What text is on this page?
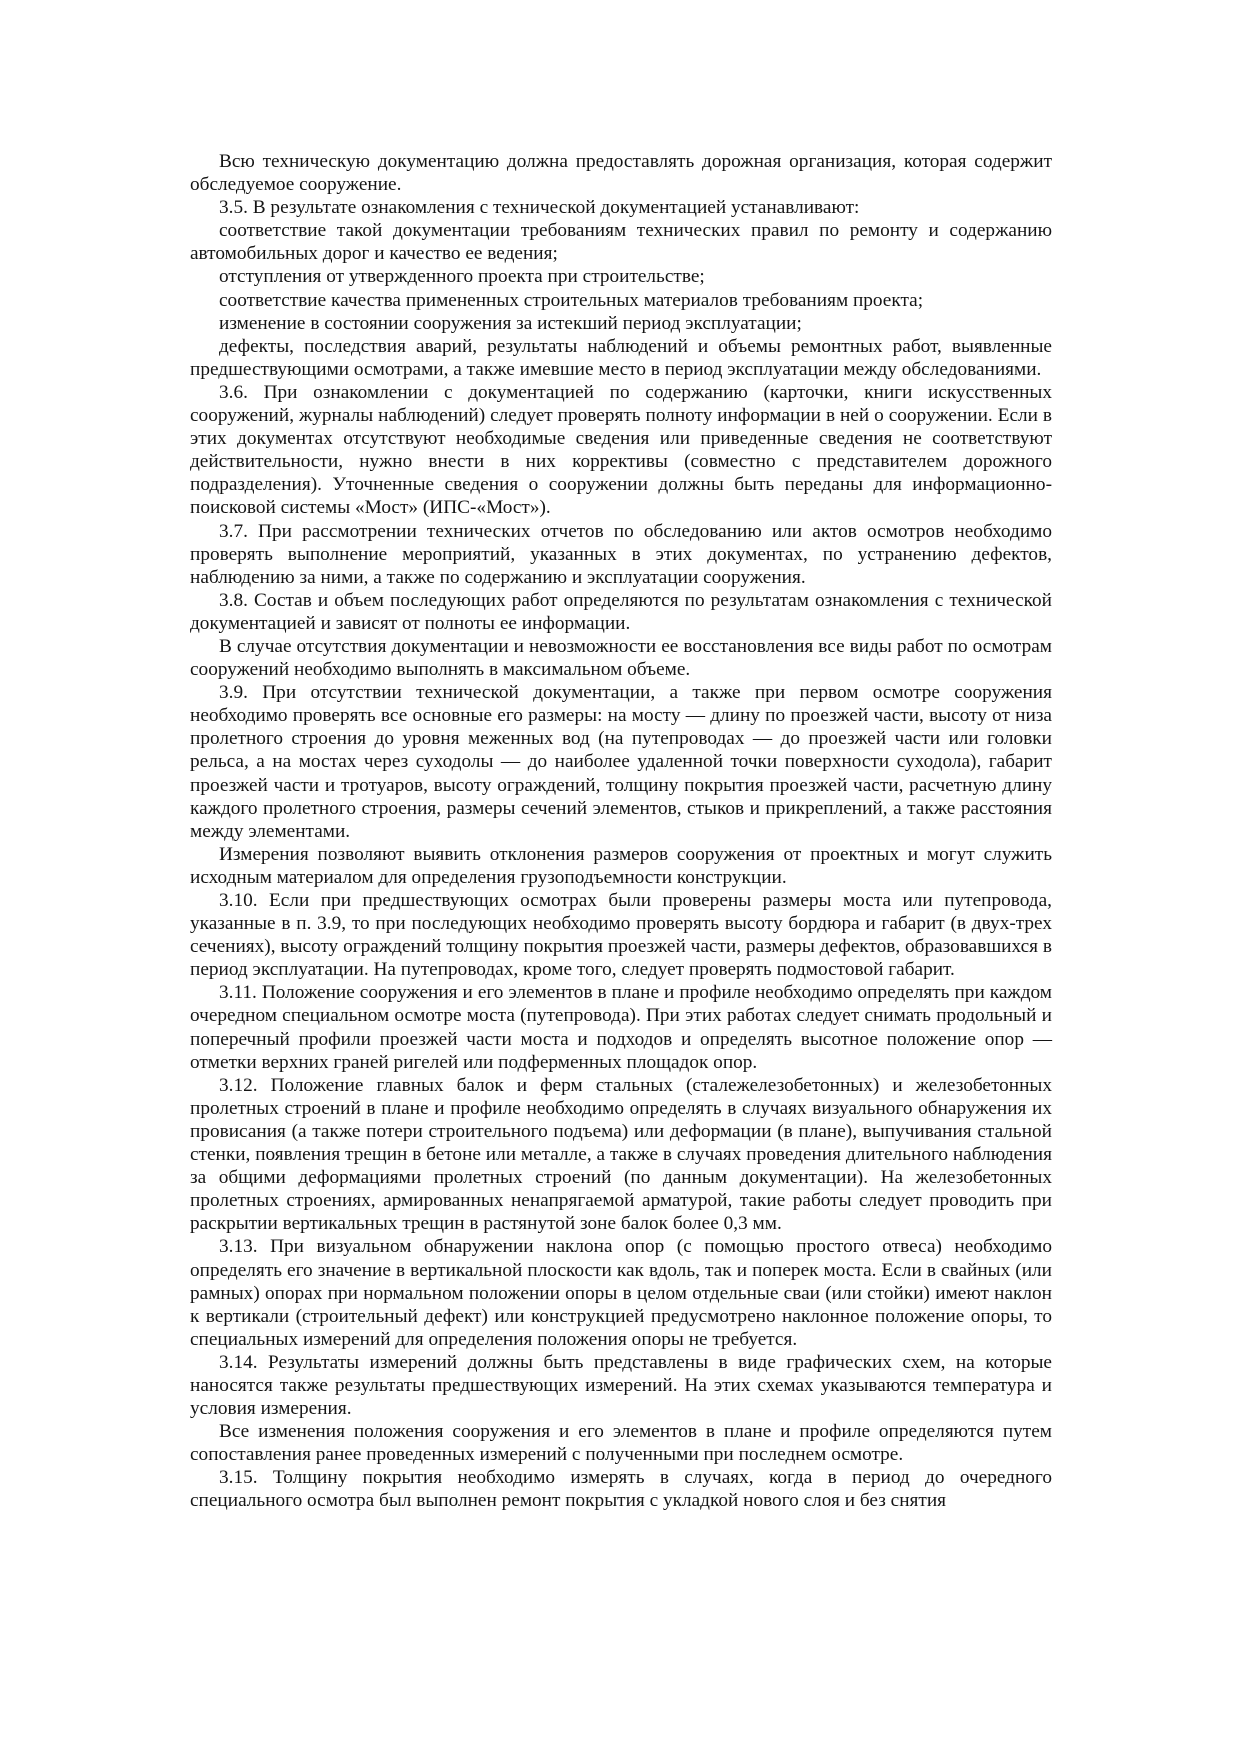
Всю техническую документацию должна предоставлять дорожная организация, которая содержит обследуемое сооружение.

3.5. В результате ознакомления с технической документацией устанавливают:

соответствие такой документации требованиям технических правил по ремонту и содержанию автомобильных дорог и качество ее ведения;

отступления от утвержденного проекта при строительстве;

соответствие качества примененных строительных материалов требованиям проекта;

изменение в состоянии сооружения за истекший период эксплуатации;

дефекты, последствия аварий, результаты наблюдений и объемы ремонтных работ, выявленные предшествующими осмотрами, а также имевшие место в период эксплуатации между обследованиями.

3.6. При ознакомлении с документацией по содержанию (карточки, книги искусственных сооружений, журналы наблюдений) следует проверять полноту информации в ней о сооружении. Если в этих документах отсутствуют необходимые сведения или приведенные сведения не соответствуют действительности, нужно внести в них коррективы (совместно с представителем дорожного подразделения). Уточненные сведения о сооружении должны быть переданы для информационно-поисковой системы «Мост» (ИПС-«Мост»).

3.7. При рассмотрении технических отчетов по обследованию или актов осмотров необходимо проверять выполнение мероприятий, указанных в этих документах, по устранению дефектов, наблюдению за ними, а также по содержанию и эксплуатации сооружения.

3.8. Состав и объем последующих работ определяются по результатам ознакомления с технической документацией и зависят от полноты ее информации.

В случае отсутствия документации и невозможности ее восстановления все виды работ по осмотрам сооружений необходимо выполнять в максимальном объеме.

3.9. При отсутствии технической документации, а также при первом осмотре сооружения необходимо проверять все основные его размеры: на мосту — длину по проезжей части, высоту от низа пролетного строения до уровня меженных вод (на путепроводах — до проезжей части или головки рельса, а на мостах через суходолы — до наиболее удаленной точки поверхности суходола), габарит проезжей части и тротуаров, высоту ограждений, толщину покрытия проезжей части, расчетную длину каждого пролетного строения, размеры сечений элементов, стыков и прикреплений, а также расстояния между элементами.

Измерения позволяют выявить отклонения размеров сооружения от проектных и могут служить исходным материалом для определения грузоподъемности конструкции.

3.10. Если при предшествующих осмотрах были проверены размеры моста или путепровода, указанные в п. 3.9, то при последующих необходимо проверять высоту бордюра и габарит (в двух-трех сечениях), высоту ограждений толщину покрытия проезжей части, размеры дефектов, образовавшихся в период эксплуатации. На путепроводах, кроме того, следует проверять подмостовой габарит.

3.11. Положение сооружения и его элементов в плане и профиле необходимо определять при каждом очередном специальном осмотре моста (путепровода). При этих работах следует снимать продольный и поперечный профили проезжей части моста и подходов и определять высотное положение опор — отметки верхних граней ригелей или подферменных площадок опор.

3.12. Положение главных балок и ферм стальных (сталежелезобетонных) и железобетонных пролетных строений в плане и профиле необходимо определять в случаях визуального обнаружения их провисания (а также потери строительного подъема) или деформации (в плане), выпучивания стальной стенки, появления трещин в бетоне или металле, а также в случаях проведения длительного наблюдения за общими деформациями пролетных строений (по данным документации). На железобетонных пролетных строениях, армированных ненапрягаемой арматурой, такие работы следует проводить при раскрытии вертикальных трещин в растянутой зоне балок более 0,3 мм.

3.13. При визуальном обнаружении наклона опор (с помощью простого отвеса) необходимо определять его значение в вертикальной плоскости как вдоль, так и поперек моста. Если в свайных (или рамных) опорах при нормальном положении опоры в целом отдельные сваи (или стойки) имеют наклон к вертикали (строительный дефект) или конструкцией предусмотрено наклонное положение опоры, то специальных измерений для определения положения опоры не требуется.

3.14. Результаты измерений должны быть представлены в виде графических схем, на которые наносятся также результаты предшествующих измерений. На этих схемах указываются температура и условия измерения.

Все изменения положения сооружения и его элементов в плане и профиле определяются путем сопоставления ранее проведенных измерений с полученными при последнем осмотре.

3.15. Толщину покрытия необходимо измерять в случаях, когда в период до очередного специального осмотра был выполнен ремонт покрытия с укладкой нового слоя и без снятия
